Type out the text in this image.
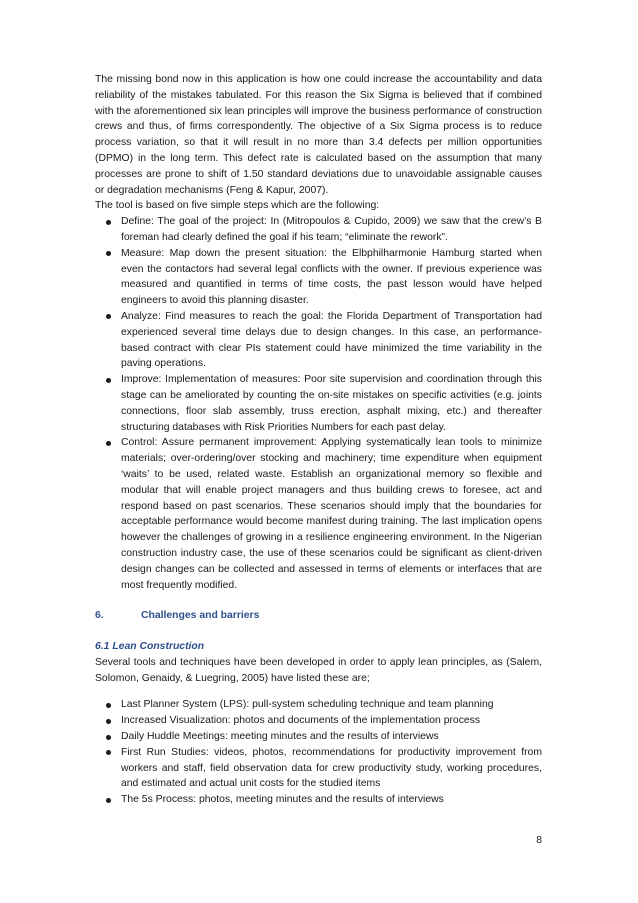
The missing bond now in this application is how one could increase the accountability and data reliability of the mistakes tabulated. For this reason the Six Sigma is believed that if combined with the aforementioned six lean principles will improve the business performance of construction crews and thus, of firms correspondently. The objective of a Six Sigma process is to reduce process variation, so that it will result in no more than 3.4 defects per million opportunities (DPMO) in the long term. This defect rate is calculated based on the assumption that many processes are prone to shift of 1.50 standard deviations due to unavoidable assignable causes or degradation mechanisms (Feng & Kapur, 2007).

The tool is based on five simple steps which are the following:

Define: The goal of the project: In (Mitropoulos & Cupido, 2009) we saw that the crew’s B foreman had clearly defined the goal if his team; “eliminate the rework”.
Measure: Map down the present situation: the Elbphilharmonie Hamburg started when even the contactors had several legal conflicts with the owner. If previous experience was measured and quantified in terms of time costs, the past lesson would have helped engineers to avoid this planning disaster.
Analyze: Find measures to reach the goal: the Florida Department of Transportation had experienced several time delays due to design changes. In this case, an performance-based contract with clear PIs statement could have minimized the time variability in the paving operations.
Improve: Implementation of measures: Poor site supervision and coordination through this stage can be ameliorated by counting the on-site mistakes on specific activities (e.g. joints connections, floor slab assembly, truss erection, asphalt mixing, etc.) and thereafter structuring databases with Risk Priorities Numbers for each past delay.
Control: Assure permanent improvement: Applying systematically lean tools to minimize materials; over-ordering/over stocking and machinery; time expenditure when equipment ‘waits’ to be used, related waste. Establish an organizational memory so flexible and modular that will enable project managers and thus building crews to foresee, act and respond based on past scenarios. These scenarios should imply that the boundaries for acceptable performance would become manifest during training. The last implication opens however the challenges of growing in a resilience engineering environment. In the Nigerian construction industry case, the use of these scenarios could be significant as client-driven design changes can be collected and assessed in terms of elements or interfaces that are most frequently modified.
6.	Challenges and barriers
6.1 Lean Construction

Several tools and techniques have been developed in order to apply lean principles, as (Salem, Solomon, Genaidy, & Luegring, 2005) have listed these are;

Last Planner System (LPS): pull-system scheduling technique and team planning
Increased Visualization: photos and documents of the implementation process
Daily Huddle Meetings: meeting minutes and the results of interviews
First Run Studies: videos, photos, recommendations for productivity improvement from workers and staff, field observation data for crew productivity study, working procedures, and estimated and actual unit costs for the studied items
The 5s Process: photos, meeting minutes and the results of interviews
8
